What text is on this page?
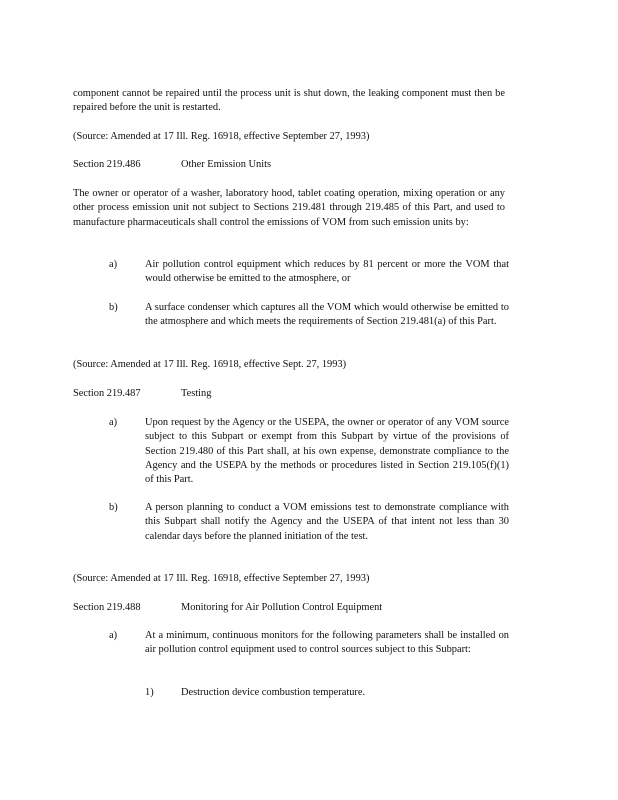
component cannot be repaired until the process unit is shut down, the leaking component must then be repaired before the unit is restarted.
(Source: Amended at 17 Ill. Reg. 16918, effective September 27, 1993)
Section 219.486	Other Emission Units
The owner or operator of a washer, laboratory hood, tablet coating operation, mixing operation or any other process emission unit not subject to Sections 219.481 through 219.485 of this Part, and used to manufacture pharmaceuticals shall control the emissions of VOM from such emission units by:
a)	Air pollution control equipment which reduces by 81 percent or more the VOM that would otherwise be emitted to the atmosphere, or
b)	A surface condenser which captures all the VOM which would otherwise be emitted to the atmosphere and which meets the requirements of Section 219.481(a) of this Part.
(Source: Amended at 17 Ill. Reg. 16918, effective Sept. 27, 1993)
Section 219.487	Testing
a)	Upon request by the Agency or the USEPA, the owner or operator of any VOM source subject to this Subpart or exempt from this Subpart by virtue of the provisions of Section 219.480 of this Part shall, at his own expense, demonstrate compliance to the Agency and the USEPA by the methods or procedures listed in Section 219.105(f)(1) of this Part.
b)	A person planning to conduct a VOM emissions test to demonstrate compliance with this Subpart shall notify the Agency and the USEPA of that intent not less than 30 calendar days before the planned initiation of the test.
(Source: Amended at 17 Ill. Reg. 16918, effective September 27, 1993)
Section 219.488	Monitoring for Air Pollution Control Equipment
a)	At a minimum, continuous monitors for the following parameters shall be installed on air pollution control equipment used to control sources subject to this Subpart:
1)	Destruction device combustion temperature.
